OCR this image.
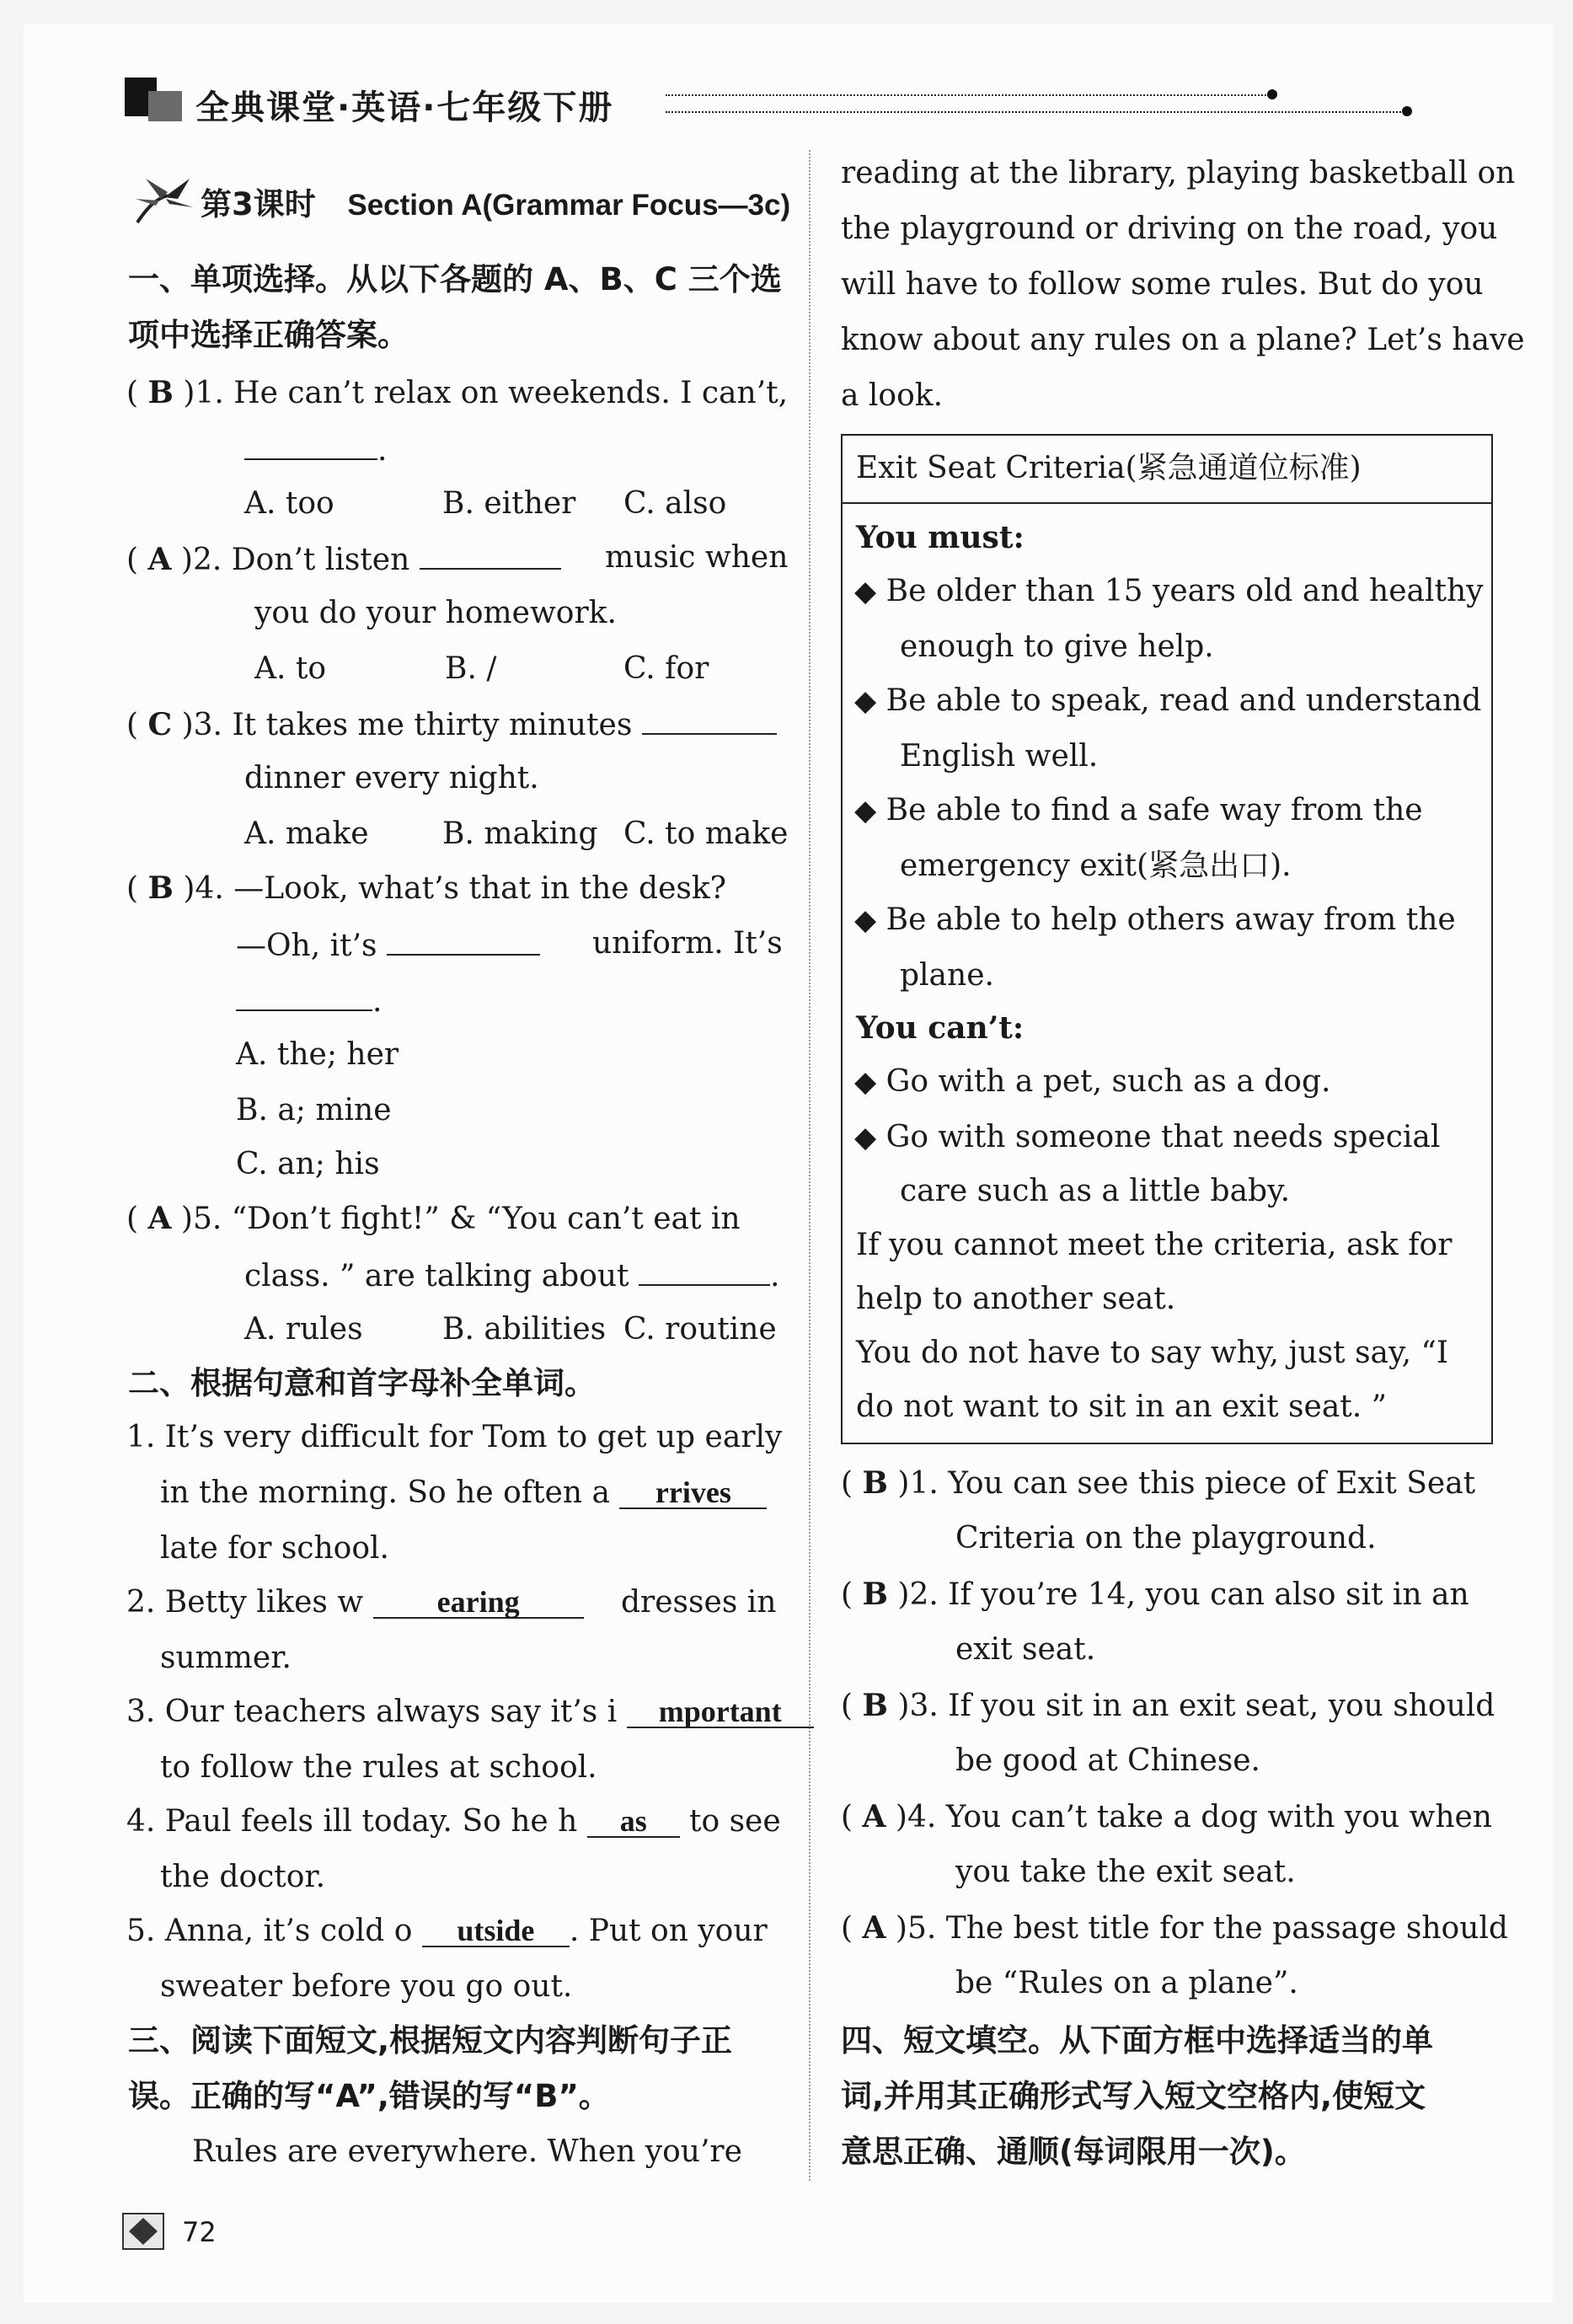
全典课堂·英语·七年级下册
第3课时 Section A(Grammar Focus—3c)
一、单项选择。从以下各题的 A、B、C 三个选
项中选择正确答案。
( B )1. He can’t relax on weekends. I can’t,
.
A. too	B. either C. also
( A )2. Don’t listen	music when
you do your homework.
A. to	B. /	C. for
( C )3. It takes me thirty minutes
dinner every night.
A. make B. making C. to make
( B )4. —Look, what’s that in the desk?
—Oh, it’s	uniform. It’s
.
A. the; her
B. a; mine
C. an; his
( A )5. “Don’t fight!” & “You can’t eat in
class. ” are talking about	.
A. rules	B. abilities C. routine
二、根据句意和首字母补全单词。
1. It’s very difficult for Tom to get up early
in the morning. So he often a rrives
late for school.
2. Betty likes w earing	dresses in
summer.
3. Our teachers always say it’s i mportant
to follow the rules at school.
4. Paul feels ill today. So he h as	to see
the doctor.
5. Anna, it’s cold o utside . Put on your
sweater before you go out.
三、阅读下面短文,根据短文内容判断句子正
误。正确的写“A”,错误的写“B”。
Rules are everywhere. When you’re
reading at the library, playing basketball on
the playground or driving on the road, you
will have to follow some rules. But do you
know about any rules on a plane? Let’s have
a look.
Exit Seat Criteria(紧急通道位标准)
You must:
◆ Be older than 15 years old and healthy
enough to give help.
◆ Be able to speak, read and understand
English well.
◆ Be able to find a safe way from the
emergency exit(紧急出口).
◆ Be able to help others away from the
plane.
You can’t:
◆ Go with a pet, such as a dog.
◆ Go with someone that needs special
care such as a little baby.
If you cannot meet the criteria, ask for
help to another seat.
You do not have to say why, just say, “I
do not want to sit in an exit seat. ”
( B )1. You can see this piece of Exit Seat
Criteria on the playground.
( B )2. If you’re 14, you can also sit in an
exit seat.
( B )3. If you sit in an exit seat, you should
be good at Chinese.
( A )4. You can’t take a dog with you when
you take the exit seat.
( A )5. The best title for the passage should
be “Rules on a plane”.
四、短文填空。从下面方框中选择适当的单
词,并用其正确形式写入短文空格内,使短文
意思正确、通顺(每词限用一次)。
72
